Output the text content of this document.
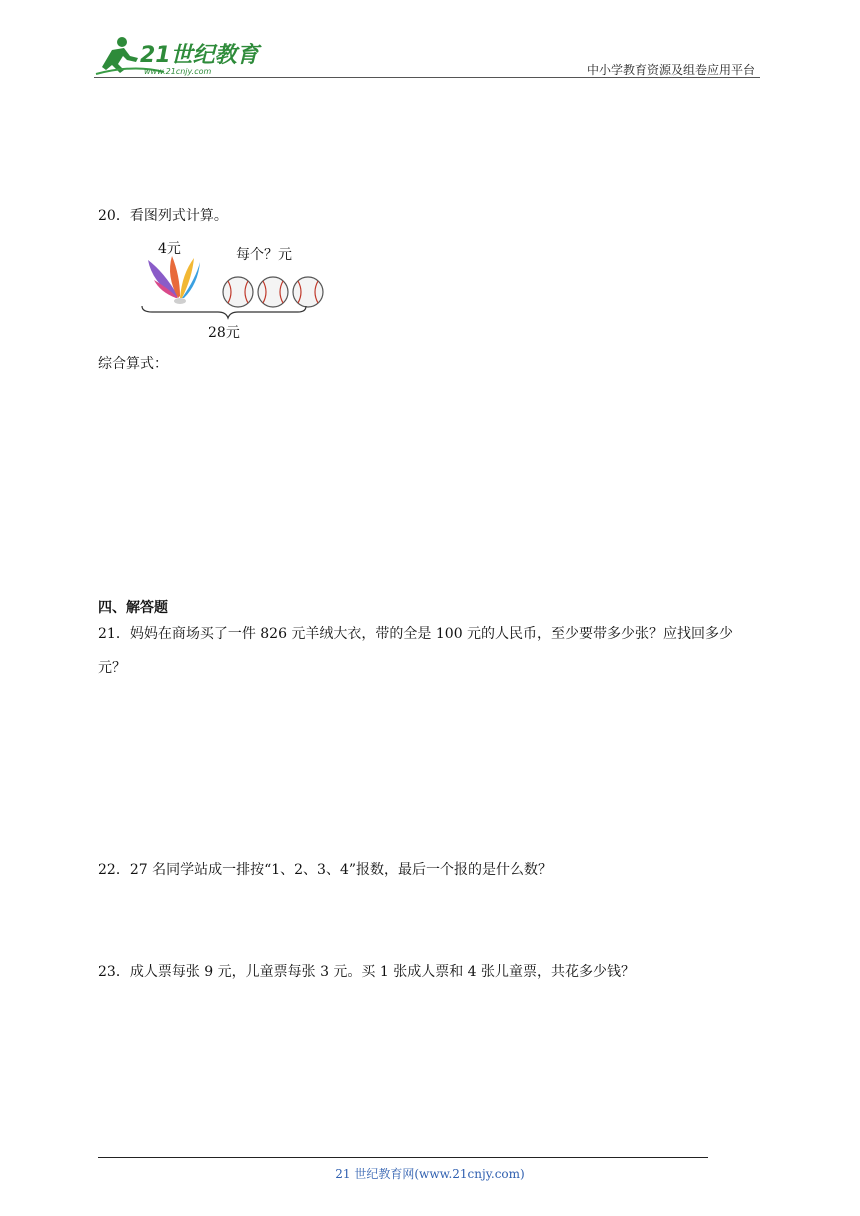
21世纪教育
www.21cnjy.com	中小学教育资源及组卷应用平台
20．看图列式计算。
4元	每个？元
28元
综合算式：
四、解答题
21．妈妈在商场买了一件 826 元羊绒大衣，带的全是 100 元的人民币，至少要带多少张？应找回多少
元？
22．27 名同学站成一排按“1、2、3、4”报数，最后一个报的是什么数？
23．成人票每张 9 元，儿童票每张 3 元。买 1 张成人票和 4 张儿童票，共花多少钱？
21 世纪教育网(www.21cnjy.com)
